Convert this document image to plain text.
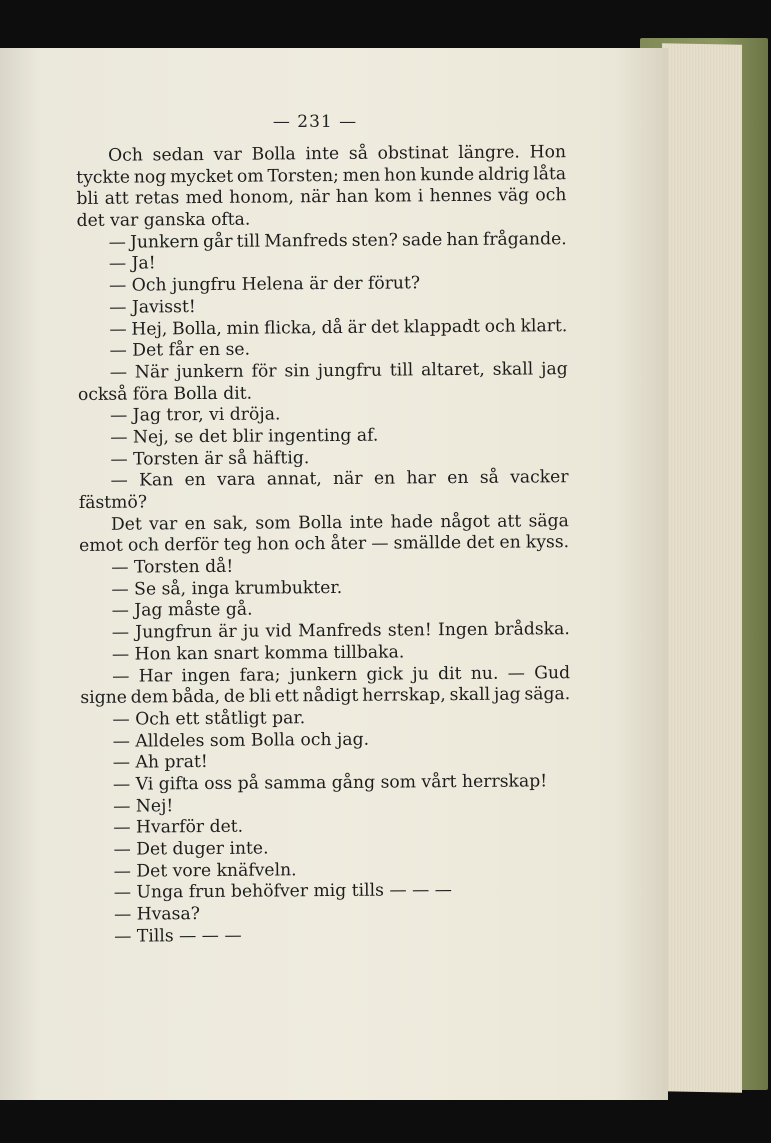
— 231 —
Och sedan var Bolla inte så obstinat längre. Hon
tyckte nog mycket om Torsten; men hon kunde aldrig låta
bli att retas med honom, när han kom i hennes väg och
det var ganska ofta.
— Junkern går till Manfreds sten? sade han frågande.
— Ja!
— Och jungfru Helena är der förut?
— Javisst!
— Hej, Bolla, min flicka, då är det klappadt och klart.
— Det får en se.
— När junkern för sin jungfru till altaret, skall jag
också föra Bolla dit.
— Jag tror, vi dröja.
— Nej, se det blir ingenting af.
— Torsten är så häftig.
— Kan en vara annat, när en har en så vacker
fästmö?
Det var en sak, som Bolla inte hade något att säga
emot och derför teg hon och åter — smällde det en kyss.
— Torsten då!
— Se så, inga krumbukter.
— Jag måste gå.
— Jungfrun är ju vid Manfreds sten! Ingen brådska.
— Hon kan snart komma tillbaka.
— Har ingen fara; junkern gick ju dit nu. — Gud
signe dem båda, de bli ett nådigt herrskap, skall jag säga.
— Och ett ståtligt par.
— Alldeles som Bolla och jag.
— Ah prat!
— Vi gifta oss på samma gång som vårt herrskap!
— Nej!
— Hvarför det.
— Det duger inte.
— Det vore knäfveln.
— Unga frun behöfver mig tills — — —
— Hvasa?
— Tills — — —
